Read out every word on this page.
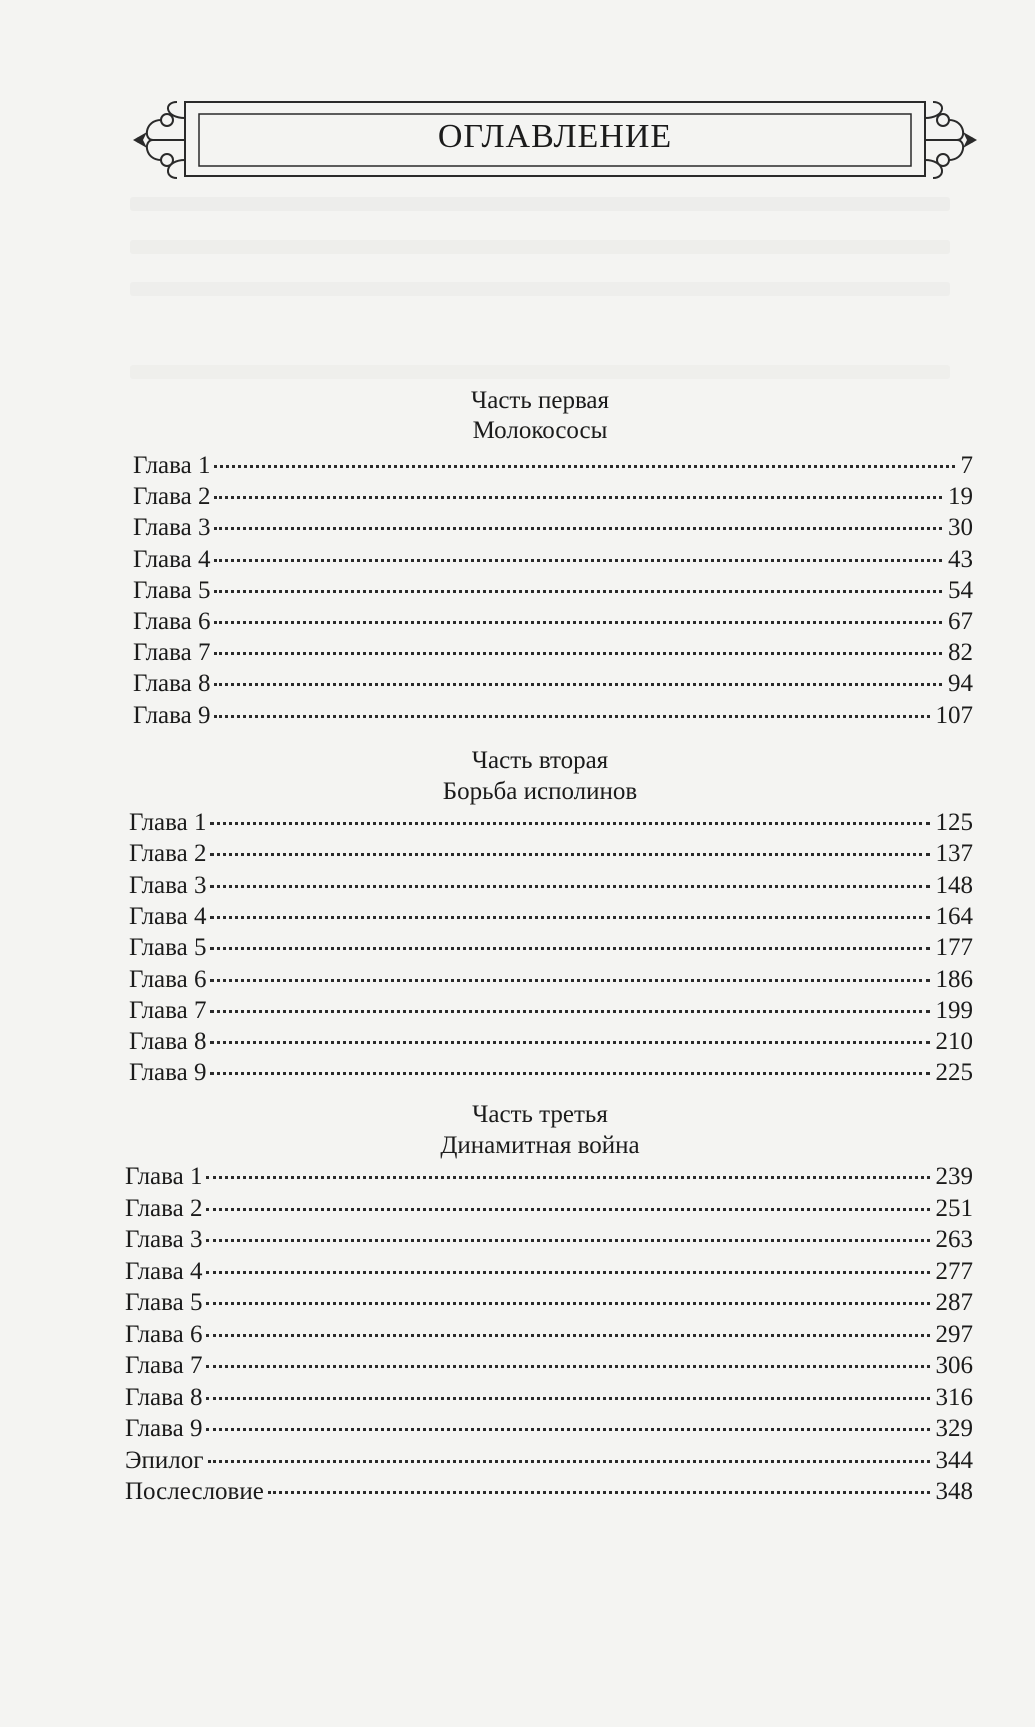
ОГЛАВЛЕНИЕ
Часть первая
Молокососы
Глава 1	7
Глава 2	19
Глава 3	30
Глава 4	43
Глава 5	54
Глава 6	67
Глава 7	82
Глава 8	94
Глава 9	107
Часть вторая
Борьба исполинов
Глава 1	125
Глава 2	137
Глава 3	148
Глава 4	164
Глава 5	177
Глава 6	186
Глава 7	199
Глава 8	210
Глава 9	225
Часть третья
Динамитная война
Глава 1	239
Глава 2	251
Глава 3	263
Глава 4	277
Глава 5	287
Глава 6	297
Глава 7	306
Глава 8	316
Глава 9	329
Эпилог	344
Послесловие	348
